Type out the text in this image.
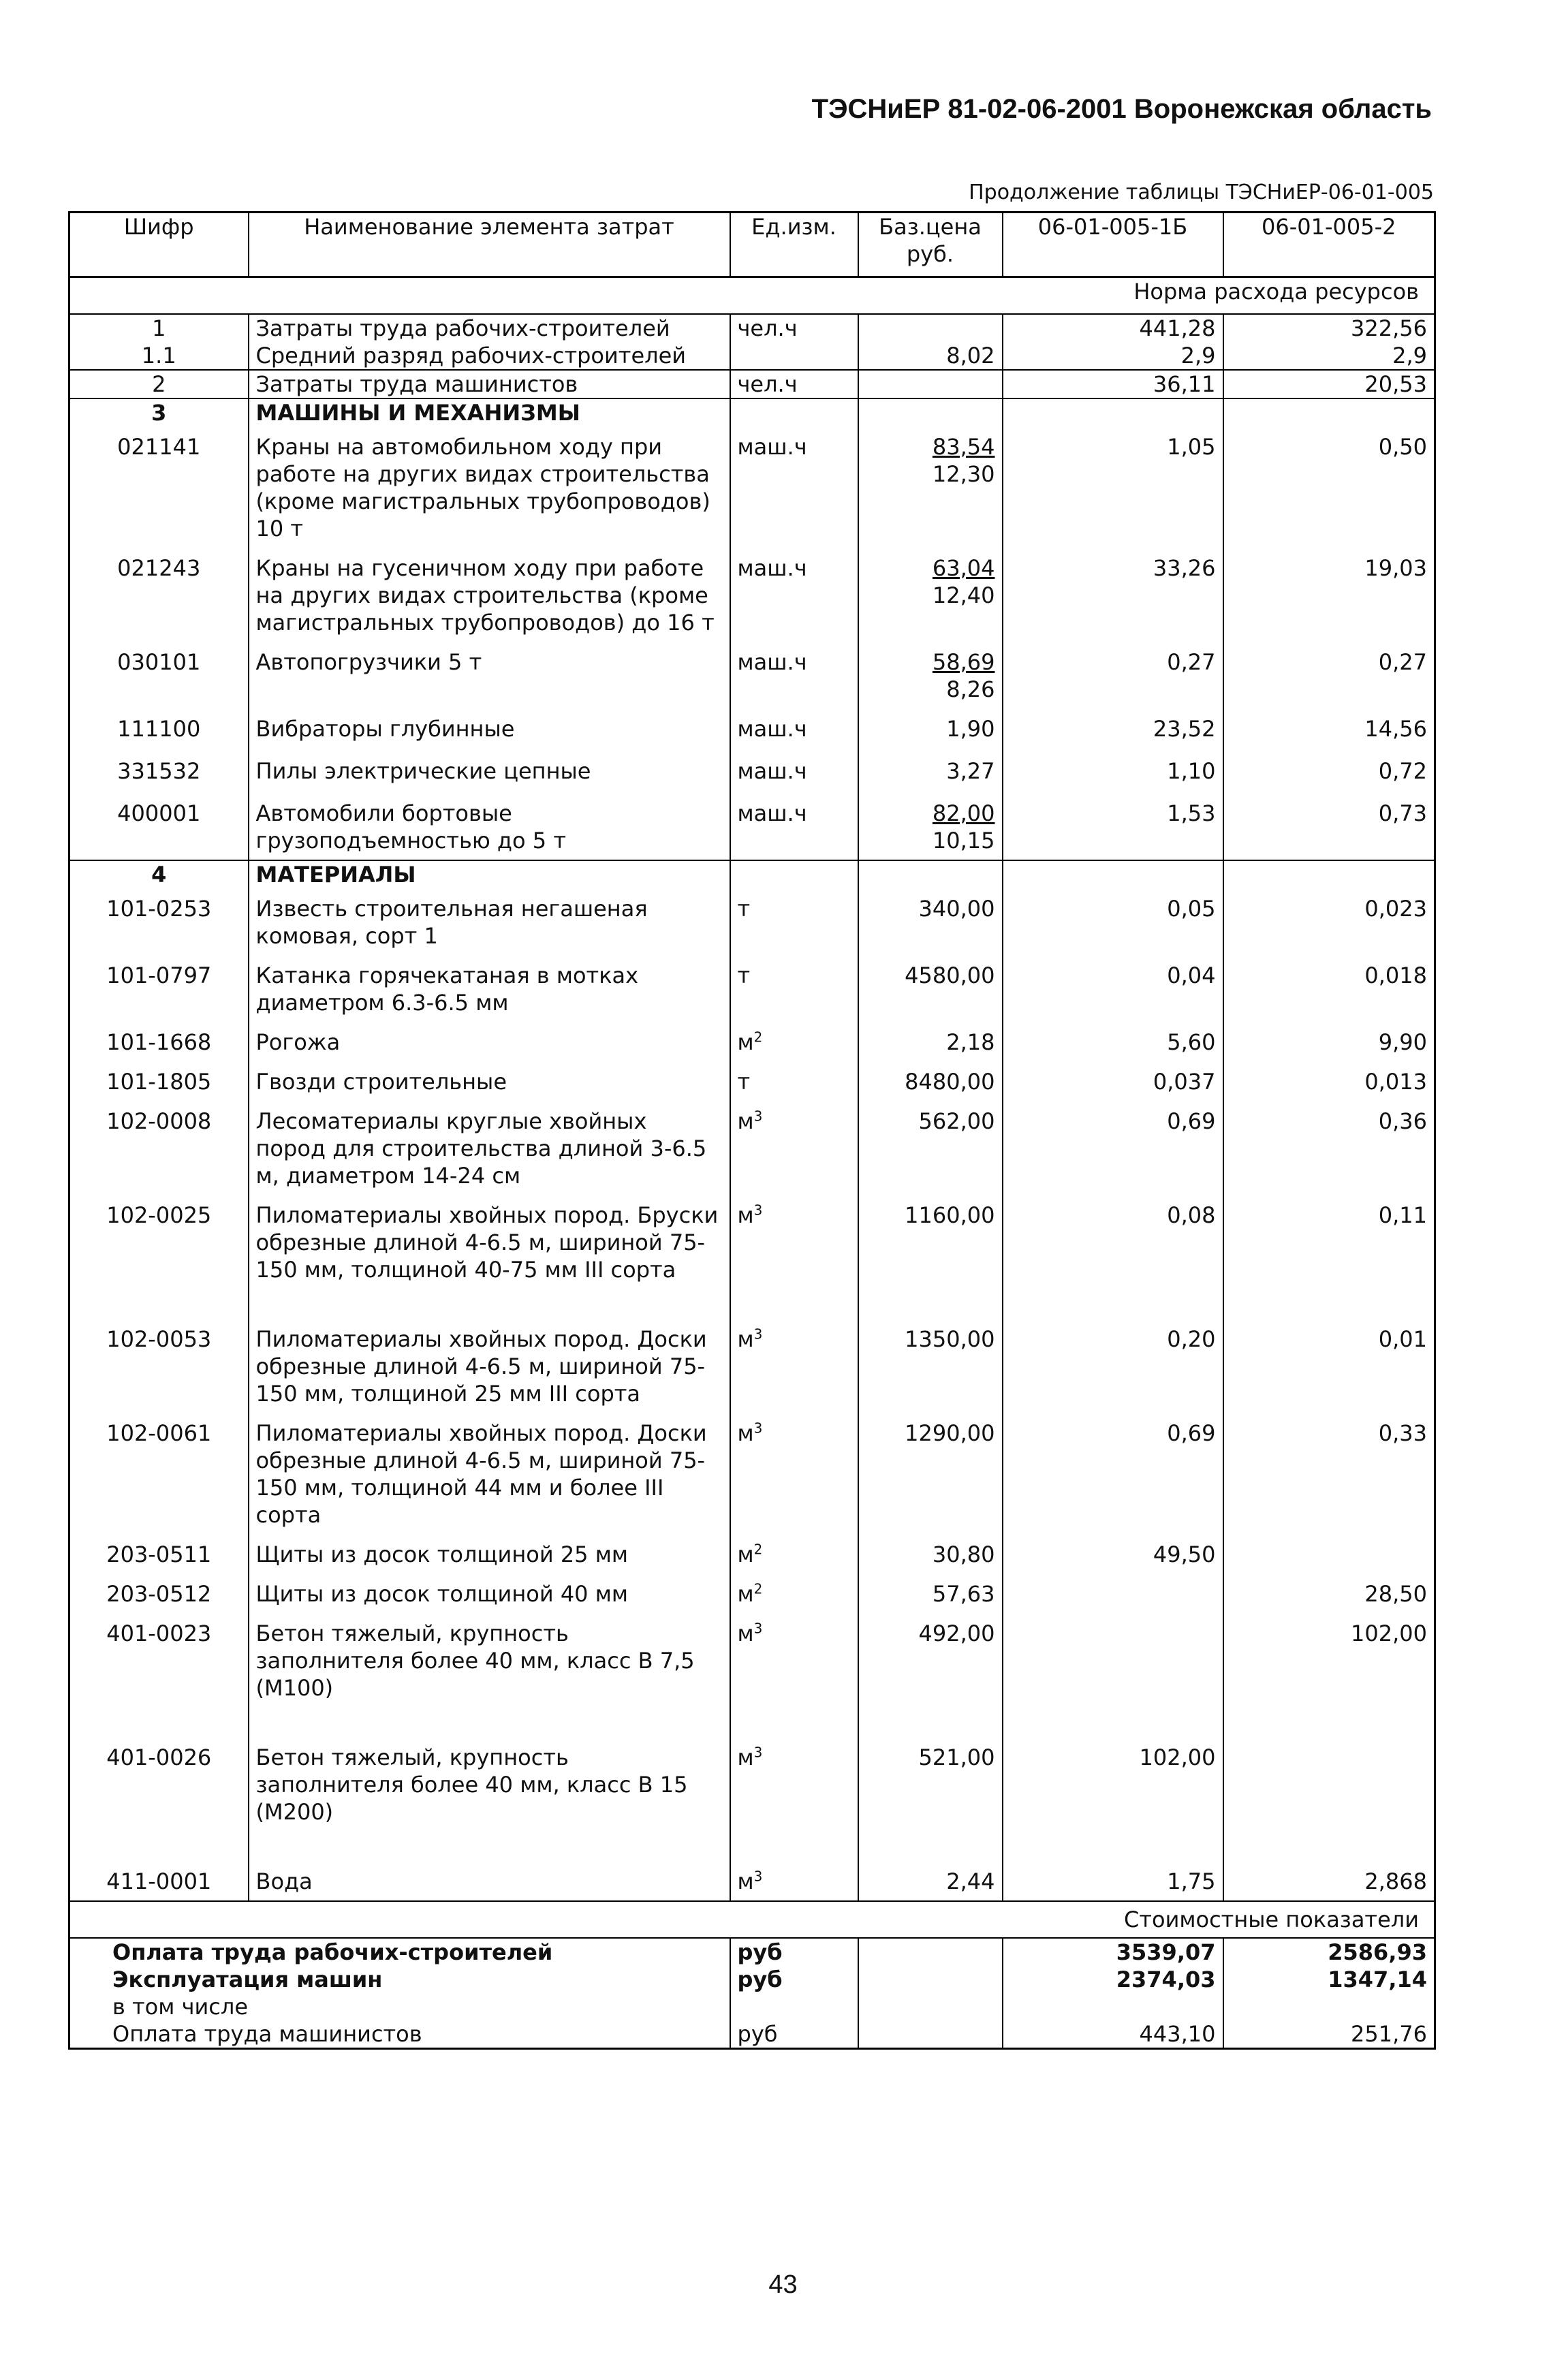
ТЭСНиЕР 81-02-06-2001 Воронежская область
Продолжение таблицы ТЭСНиЕР-06-01-005
Шифр	Наименование элемента затрат	Ед.изм.	Баз.цена руб.	06-01-005-1Б	06-01-005-2
Норма расхода ресурсов					
1	Затраты труда рабочих-строителей	чел.ч		441,28	322,56
1.1	Средний разряд рабочих-строителей		8,02	2,9	2,9
2	Затраты труда машинистов	чел.ч		36,11	20,53
3	МАШИНЫ И МЕХАНИЗМЫ				
021141	Краны на автомобильном ходу при работе на других видах строительства (кроме магистральных трубопроводов) 10 т	маш.ч	$\frac{83,54}{12,30}$	1,05	0,50
021243	Краны на гусеничном ходу при работе на других видах строительства (кроме магистральных трубопроводов) до 16 т	маш.ч	$\frac{63,04}{12,40}$	33,26	19,03
030101	Автопогрузчики 5 т	маш.ч	$\frac{58,69}{8,26}$	0,27	0,27
111100	Вибраторы глубинные	маш.ч	1,90	23,52	14,56
331532	Пилы электрические цепные	маш.ч	3,27	1,10	0,72
400001	Автомобили бортовые грузоподъемностью до 5 т	маш.ч	$\frac{82,00}{10,15}$	1,53	0,73
4	МАТЕРИАЛЫ				
101-0253	Известь строительная негашеная комовая, сорт 1	т	340,00	0,05	0,023
101-0797	Катанка горячекатаная в мотках диаметром 6.3-6.5 мм	т	4580,00	0,04	0,018
101-1668	Рогожа	$м^2$	2,18	5,60	9,90
101-1805	Гвозди строительные	т	8480,00	0,037	0,013
102-0008	Лесоматериалы круглые хвойных пород для строительства длиной 3-6.5 м, диаметром 14-24 см	$м^3$	562,00	0,69	0,36
102-0025	Пиломатериалы хвойных пород. Бруски обрезные длиной 4-6.5 м, шириной 75-150 мм, толщиной 40-75 мм III сорта	$м^3$	1160,00	0,08	0,11
102-0053	Пиломатериалы хвойных пород. Доски обрезные длиной 4-6.5 м, шириной 75-150 мм, толщиной 25 мм III сорта	$м^3$	1350,00	0,20	0,01
102-0061	Пиломатериалы хвойных пород. Доски обрезные длиной 4-6.5 м, шириной 75-150 мм, толщиной 44 мм и более III сорта	$м^3$	1290,00	0,69	0,33
203-0511	Щиты из досок толщиной 25 мм	$м^2$	30,80	49,50	
203-0512	Щиты из досок толщиной 40 мм	$м^2$	57,63		28,50
401-0023	Бетон тяжелый, крупность заполнителя более 40 мм, класс В 7,5 (М100)	$м^3$	492,00		102,00
401-0026	Бетон тяжелый, крупность заполнителя более 40 мм, класс В 15 (М200)	$м^3$	521,00	102,00	
411-0001	Вода	$м^3$	2,44	1,75	2,868
Стоимостные показатели					
Оплата труда рабочих-строителей		руб		3539,07	2586,93
Эксплуатация машин		руб		2374,03	1347,14
в том числе					
Оплата труда машинистов		руб		443,10	251,76
43
